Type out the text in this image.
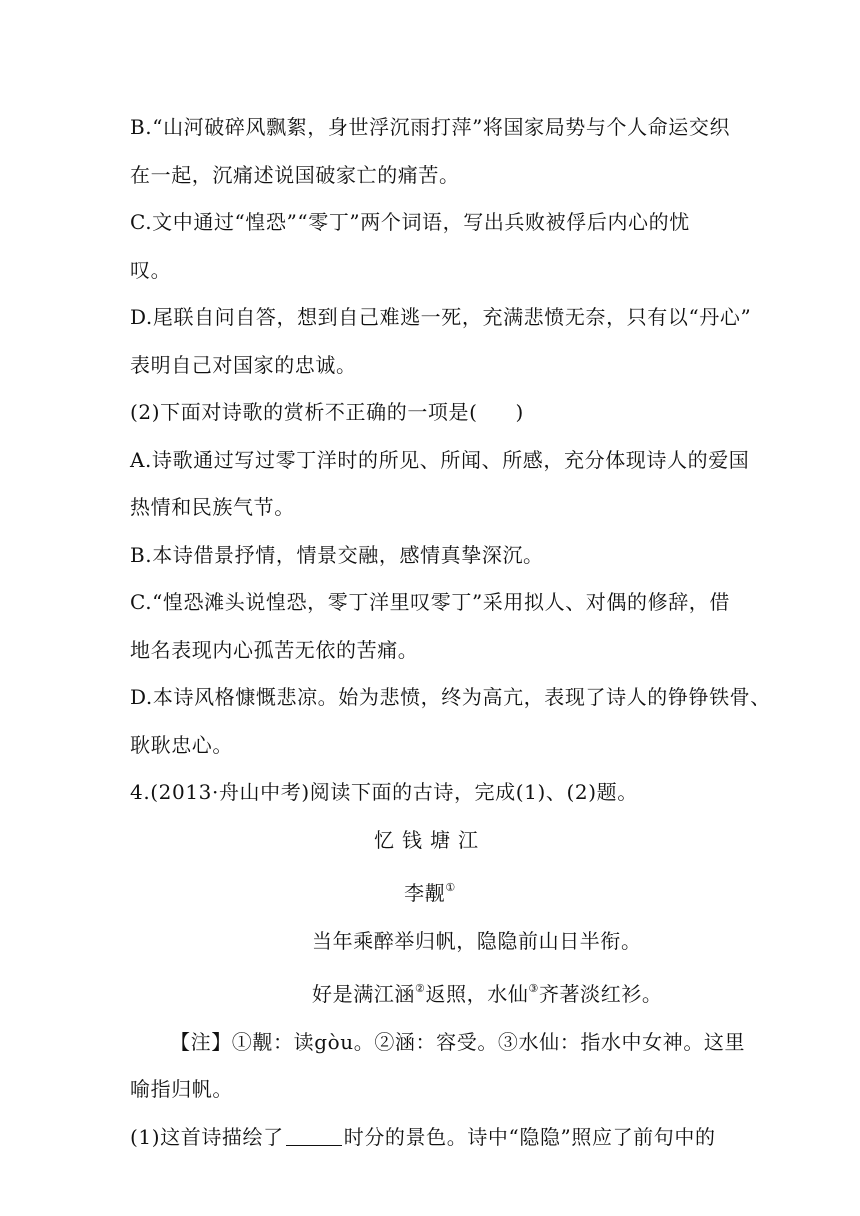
B.“山河破碎风飘絮，身世浮沉雨打萍”将国家局势与个人命运交织

在一起，沉痛述说国破家亡的痛苦。

C.文中通过“惶恐”“零丁”两个词语，写出兵败被俘后内心的忧

叹。

D.尾联自问自答，想到自己难逃一死，充满悲愤无奈，只有以“丹心”

表明自己对国家的忠诚。

(2)下面对诗歌的赏析不正确的一项是( )

A.诗歌通过写过零丁洋时的所见、所闻、所感，充分体现诗人的爱国

热情和民族气节。

B.本诗借景抒情，情景交融，感情真挚深沉。

C.“惶恐滩头说惶恐，零丁洋里叹零丁”采用拟人、对偶的修辞，借

地名表现内心孤苦无依的苦痛。

D.本诗风格慷慨悲凉。始为悲愤，终为高亢，表现了诗人的铮铮铁骨、

耿耿忠心。

4.(2013·舟山中考)阅读下面的古诗，完成(1)、(2)题。

忆钱塘江

李觏①

当年乘醉举归帆，隐隐前山日半衔。

好是满江涵②返照，水仙③齐著淡红衫。

【注】①觏：读gòu。②涵：容受。③水仙：指水中女神。这里

喻指归帆。

(1)这首诗描绘了	时分的景色。诗中“隐隐”照应了前句中的
